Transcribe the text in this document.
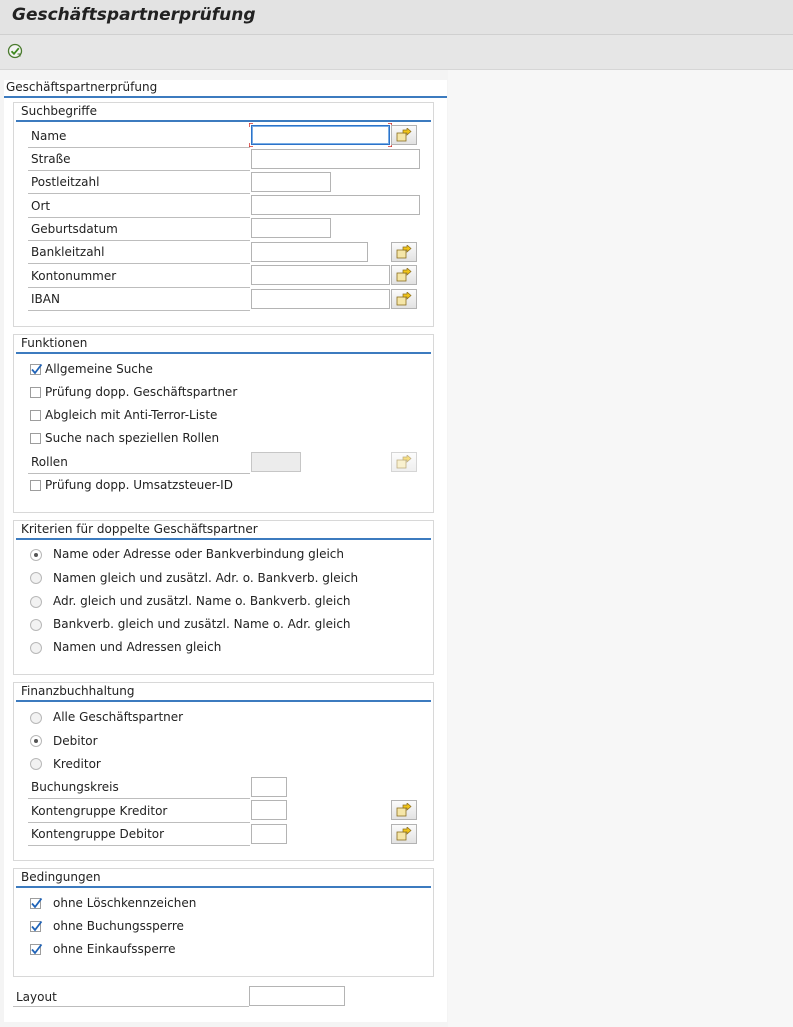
Geschäftspartnerprüfung
Geschäftspartnerprüfung
Suchbegriffe
Name
Straße
Postleitzahl
Ort
Geburtsdatum
Bankleitzahl
Kontonummer
IBAN
Funktionen
Allgemeine Suche
Prüfung dopp. Geschäftspartner
Abgleich mit Anti-Terror-Liste
Suche nach speziellen Rollen
Rollen
Prüfung dopp. Umsatzsteuer-ID
Kriterien für doppelte Geschäftspartner
Name oder Adresse oder Bankverbindung gleich
Namen gleich und zusätzl. Adr. o. Bankverb. gleich
Adr. gleich und zusätzl. Name o. Bankverb. gleich
Bankverb. gleich und zusätzl. Name o. Adr. gleich
Namen und Adressen gleich
Finanzbuchhaltung
Alle Geschäftspartner
Debitor
Kreditor
Buchungskreis
Kontengruppe Kreditor
Kontengruppe Debitor
Bedingungen
ohne Löschkennzeichen
ohne Buchungssperre
ohne Einkaufssperre
Layout
